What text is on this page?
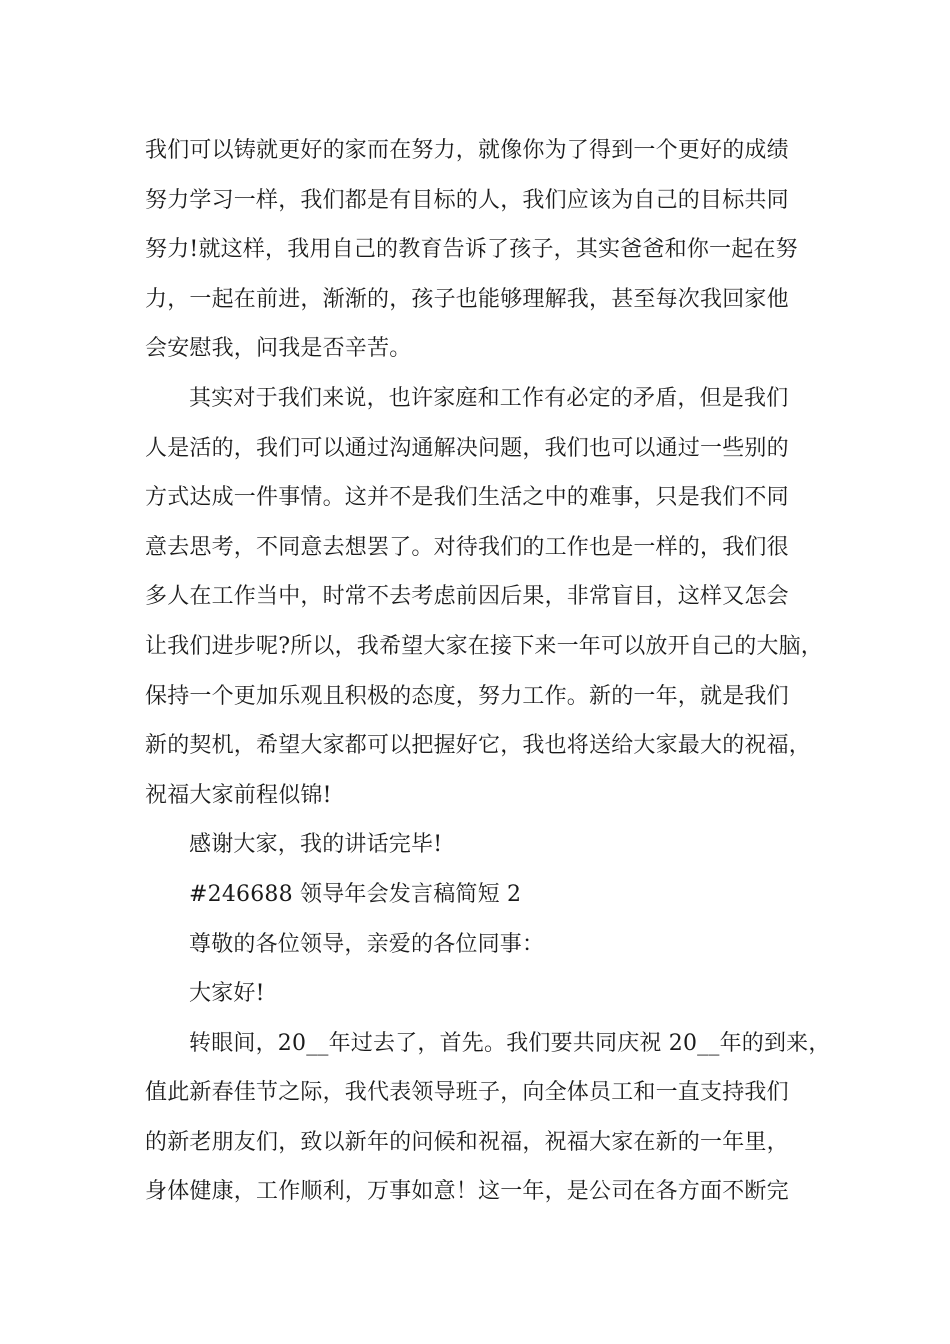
我们可以铸就更好的家而在努力，就像你为了得到一个更好的成绩
努力学习一样，我们都是有目标的人，我们应该为自己的目标共同
努力!就这样，我用自己的教育告诉了孩子，其实爸爸和你一起在努
力，一起在前进，渐渐的，孩子也能够理解我，甚至每次我回家他
会安慰我，问我是否辛苦。
其实对于我们来说，也许家庭和工作有必定的矛盾，但是我们
人是活的，我们可以通过沟通解决问题，我们也可以通过一些别的
方式达成一件事情。这并不是我们生活之中的难事，只是我们不同
意去思考，不同意去想罢了。对待我们的工作也是一样的，我们很
多人在工作当中，时常不去考虑前因后果，非常盲目，这样又怎会
让我们进步呢?所以，我希望大家在接下来一年可以放开自己的大脑，
保持一个更加乐观且积极的态度，努力工作。新的一年，就是我们
新的契机，希望大家都可以把握好它，我也将送给大家最大的祝福，
祝福大家前程似锦!
感谢大家，我的讲话完毕!
#246688 领导年会发言稿简短 2
尊敬的各位领导，亲爱的各位同事：
大家好!
转眼间，20__年过去了，首先。我们要共同庆祝 20__年的到来，
值此新春佳节之际，我代表领导班子，向全体员工和一直支持我们
的新老朋友们，致以新年的问候和祝福，祝福大家在新的一年里，
身体健康，工作顺利，万事如意！这一年，是公司在各方面不断完
